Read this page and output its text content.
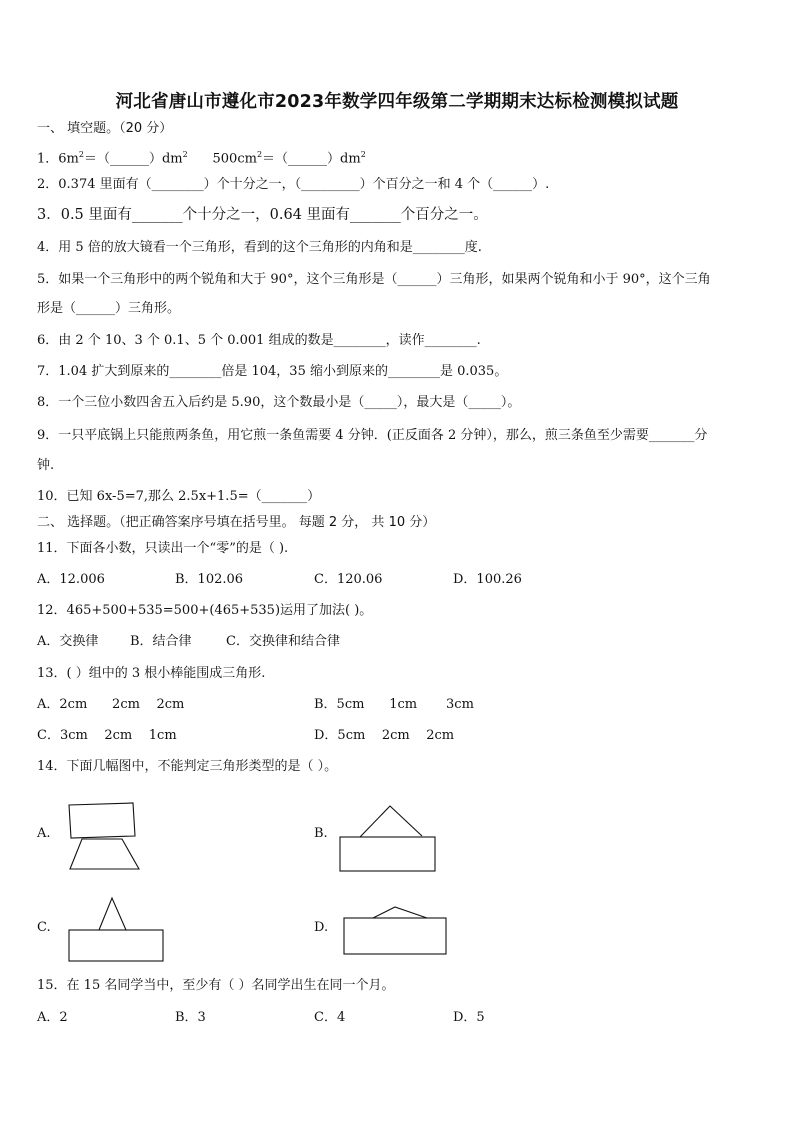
河北省唐山市遵化市2023年数学四年级第二学期期末达标检测模拟试题
一、 填空题。（20 分）
1．$6m^2=(\_\_\_\_\_\_)dm^2$      $500cm^2=(\_\_\_\_\_\_)dm^2$
2．0.374 里面有（________）个十分之一，（_________）个百分之一和 4 个（______）.
3．0.5 里面有_______个十分之一，0.64 里面有_______个百分之一。
4．用 5 倍的放大镜看一个三角形，看到的这个三角形的内角和是________度.
5．如果一个三角形中的两个锐角和大于 90°，这个三角形是（______）三角形，如果两个锐角和小于 90°，这个三角
形是（______）三角形。
6．由 2 个 10、3 个 0.1、5 个 0.001 组成的数是________，读作________.
7．1.04 扩大到原来的________倍是 104，35 缩小到原来的________是 0.035。
8．一个三位小数四舍五入后约是 5.90，这个数最小是（_____），最大是（_____）。
9．一只平底锅上只能煎两条鱼，用它煎一条鱼需要 4 分钟．(正反面各 2 分钟），那么，煎三条鱼至少需要_______分
钟.
10．已知 6x-5=7,那么 2.5x+1.5=（_______）
二、 选择题。（把正确答案序号填在括号里。 每题 2 分， 共 10 分）
11．下面各小数，只读出一个“零”的是（ ).
A．12.006	B．102.06	C．120.06	D．100.26
12．465+500+535=500+(465+535)运用了加法( )。
A．交换律 B．结合律	C．交换律和结合律
13．( ）组中的 3 根小棒能围成三角形.
A．2cm      2cm    2cm	B．5cm      1cm       3cm
C．3cm    2cm    1cm	D．5cm    2cm    2cm
14．下面几幅图中，不能判定三角形类型的是（ ）。
A.	B.
C.	D.
15．在 15 名同学当中，至少有（ ）名同学出生在同一个月。
A．2	B．3	C．4	D．5
